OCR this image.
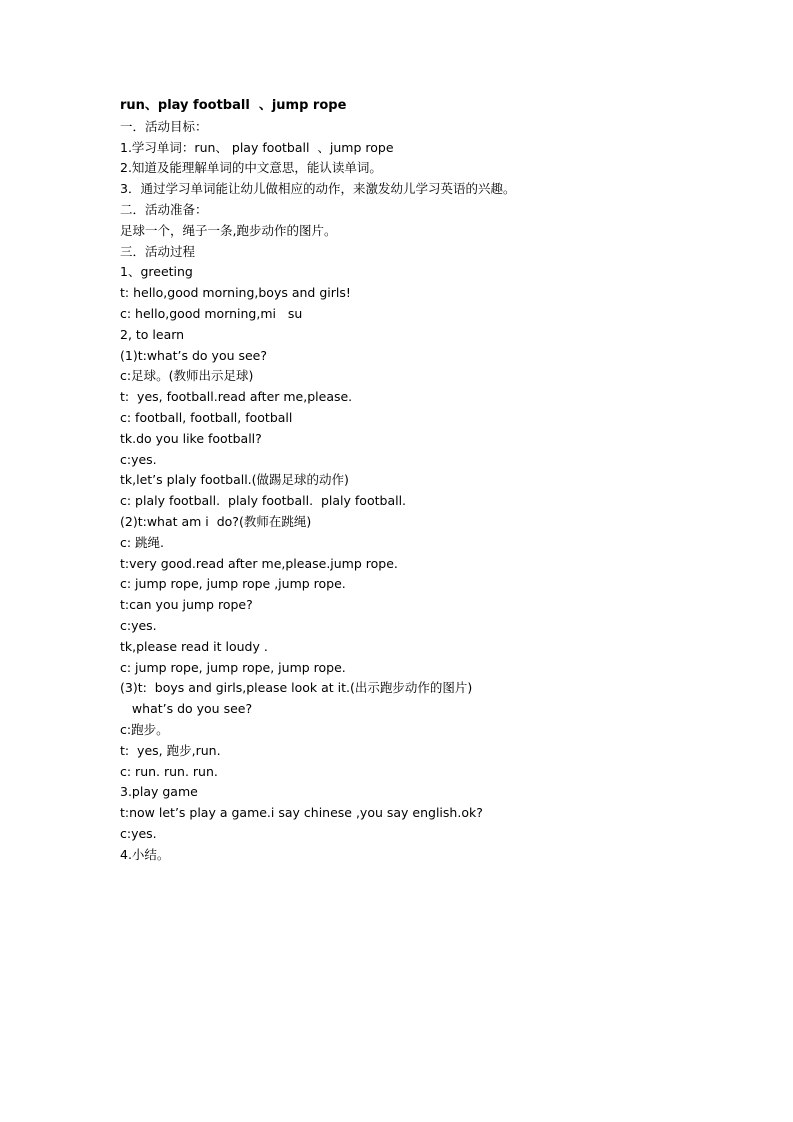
run、play football  、jump rope
一．活动目标：
1.学习单词：run、 play football  、jump rope
2.知道及能理解单词的中文意思，能认读单词。
3．通过学习单词能让幼儿做相应的动作，来激发幼儿学习英语的兴趣。
二．活动准备：
足球一个，绳子一条,跑步动作的图片。
三．活动过程
1、greeting
t: hello,good morning,boys and girls!
c: hello,good morning,mi   su
2, to learn
(1)t:what’s do you see?
c:足球。(教师出示足球)
t:  yes, football.read after me,please.
c: football, football, football
tk.do you like football?
c:yes.
tk,let’s plaly football.(做踢足球的动作)
c: plaly football.  plaly football.  plaly football.
(2)t:what am i  do?(教师在跳绳)
c: 跳绳.
t:very good.read after me,please.jump rope.
c: jump rope, jump rope ,jump rope.
t:can you jump rope?
c:yes.
tk,please read it loudy .
c: jump rope, jump rope, jump rope.
(3)t:  boys and girls,please look at it.(出示跑步动作的图片)
what’s do you see?
c:跑步。
t:  yes, 跑步,run.
c: run. run. run.
3.play game
t:now let’s play a game.i say chinese ,you say english.ok?
c:yes.
4.小结。
